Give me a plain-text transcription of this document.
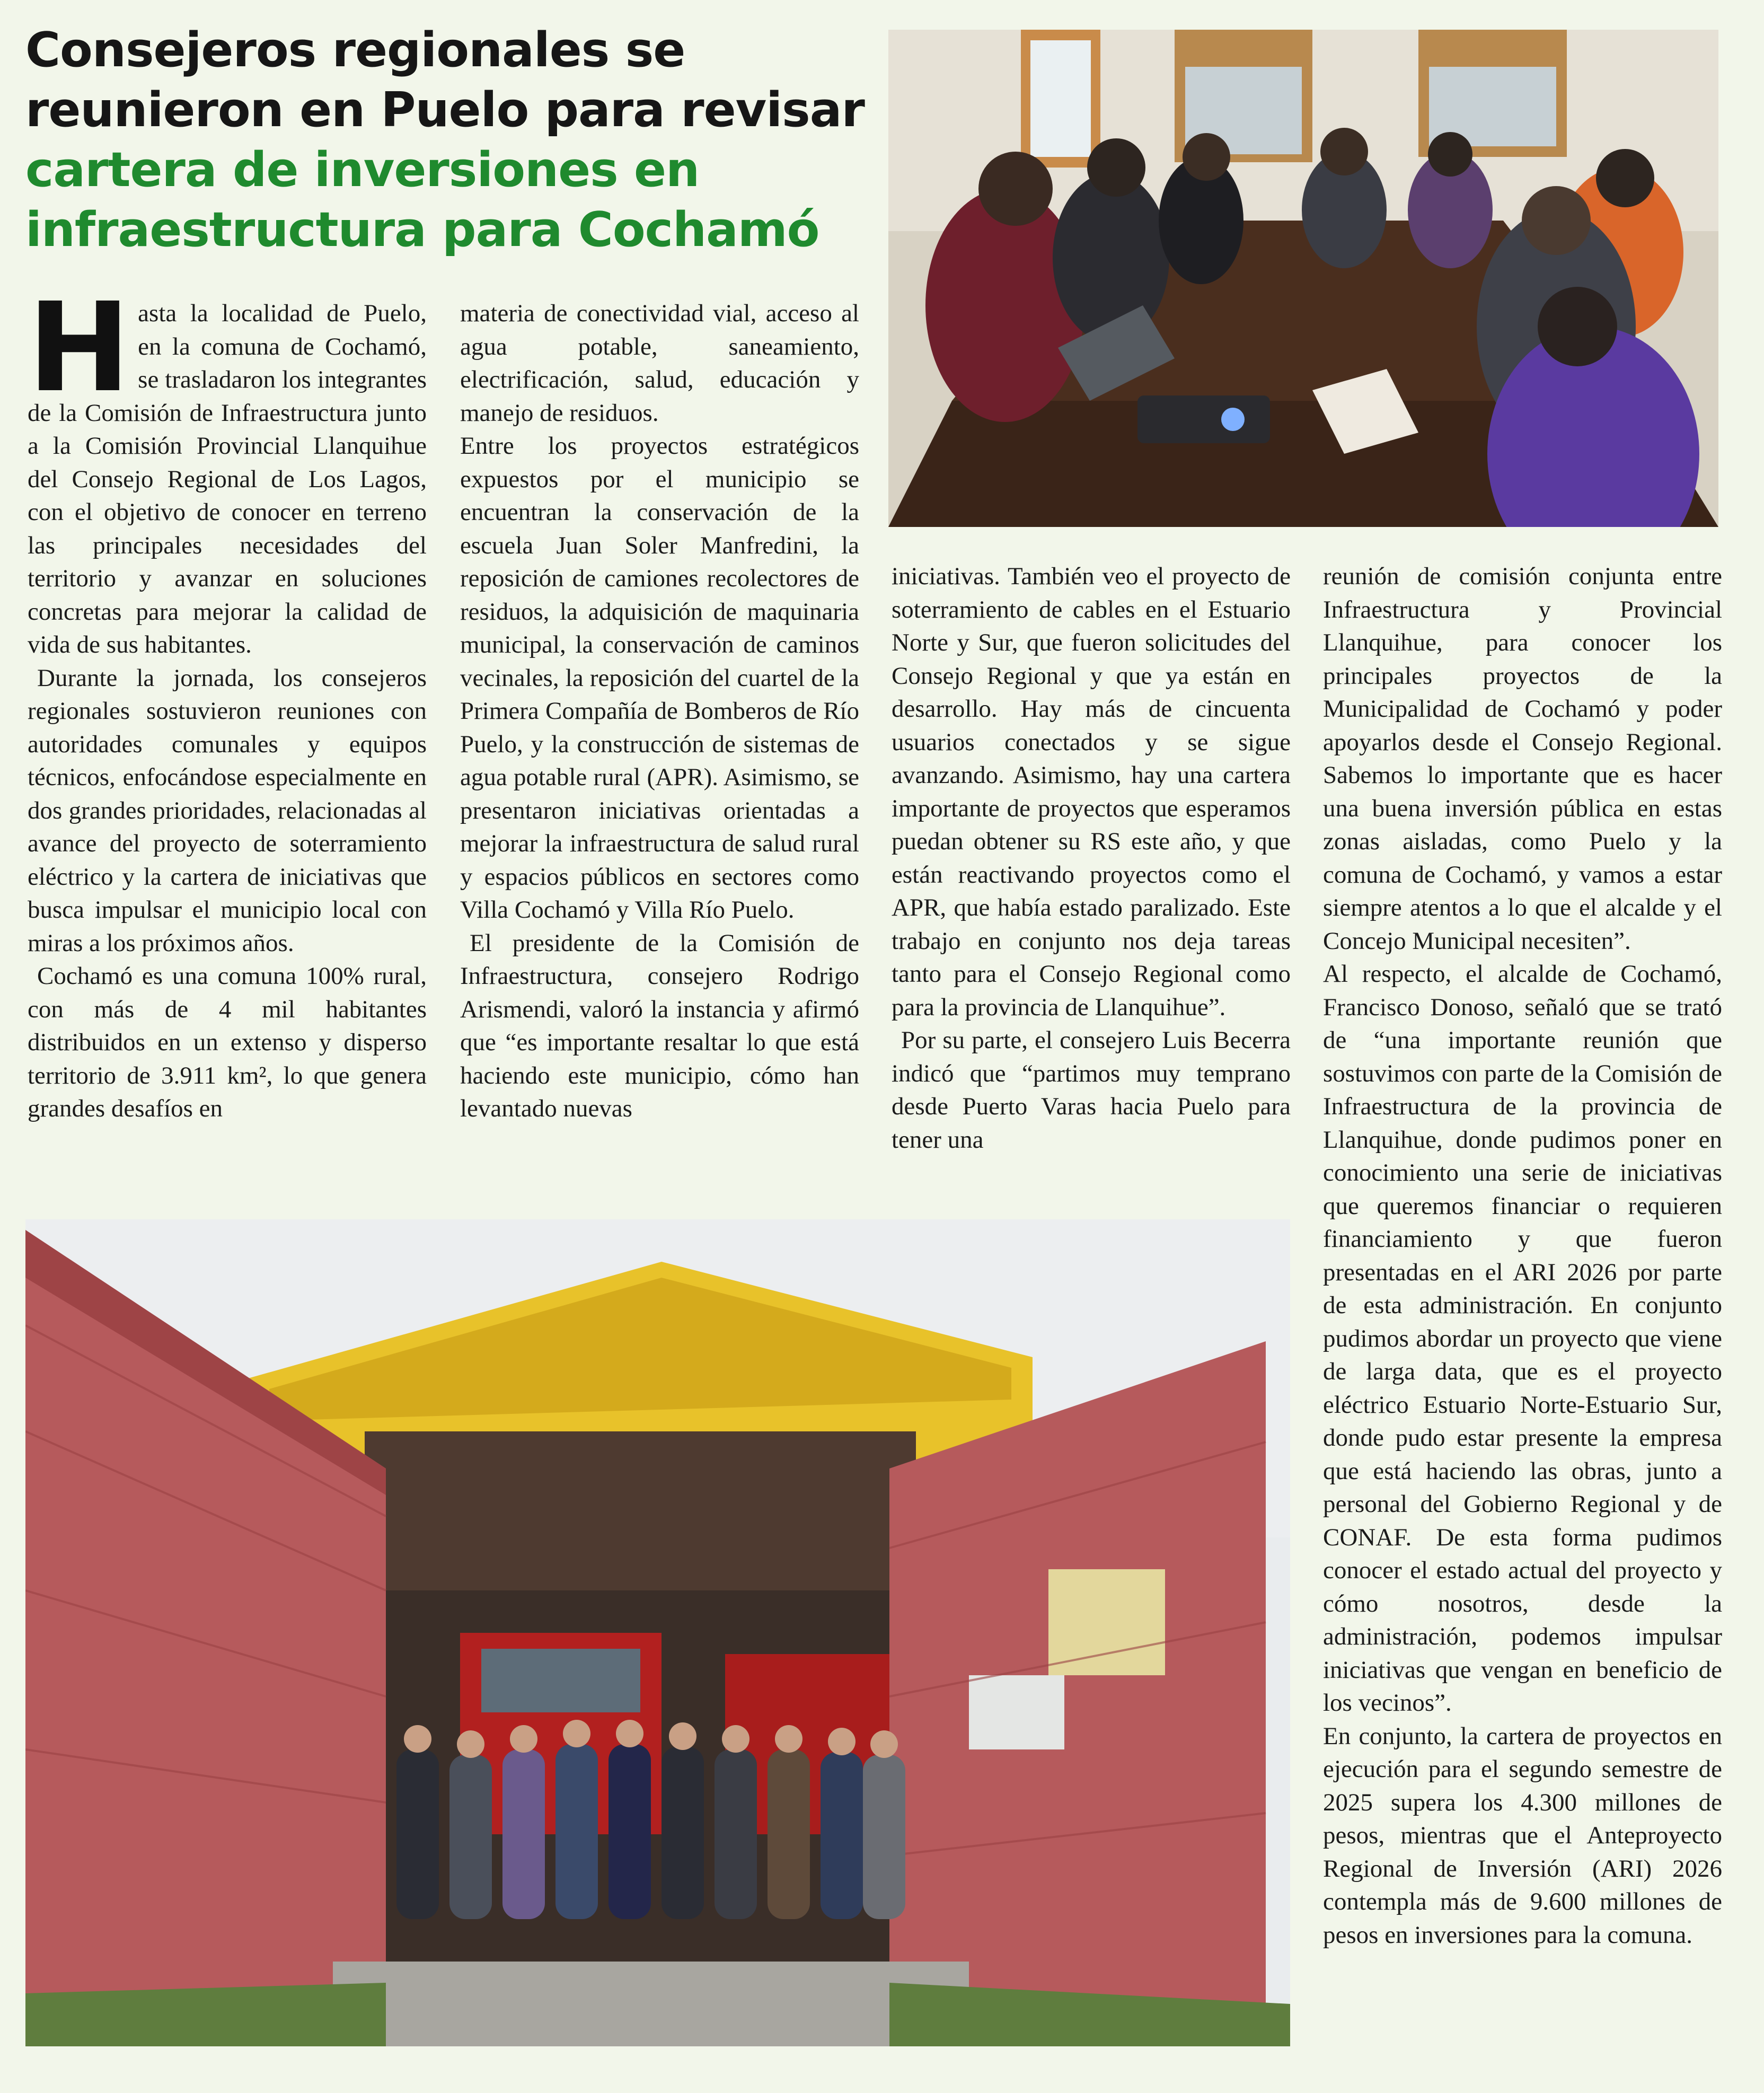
Consejeros regionales se
reunieron en Puelo para revisar
cartera de inversiones en
infraestructura para Cochamó
H asta la localidad de Puelo, en la comuna de Cochamó, se trasladaron los integrantes de la Comisión de Infraestructura junto a la Comisión Provincial Llanquihue del Consejo Regional de Los Lagos, con el objetivo de conocer en terreno las principales necesidades del territorio y avanzar en soluciones concretas para mejorar la calidad de vida de sus habitantes.

Durante la jornada, los consejeros regionales sostuvieron reuniones con autoridades comunales y equipos técnicos, enfocándose especialmente en dos grandes prioridades, relacionadas al avance del proyecto de soterramiento eléctrico y la cartera de iniciativas que busca impulsar el municipio local con miras a los próximos años.

Cochamó es una comuna 100% rural, con más de 4 mil habitantes distribuidos en un extenso y disperso territorio de 3.911 km², lo que genera grandes desafíos en

materia de conectividad vial, acceso al agua potable, saneamiento, electrificación, salud, educación y manejo de residuos.

Entre los proyectos estratégicos expuestos por el municipio se encuentran la conservación de la escuela Juan Soler Manfredini, la reposición de camiones recolectores de residuos, la adquisición de maquinaria municipal, la conservación de caminos vecinales, la reposición del cuartel de la Primera Compañía de Bomberos de Río Puelo, y la construcción de sistemas de agua potable rural (APR). Asimismo, se presentaron iniciativas orientadas a mejorar la infraestructura de salud rural y espacios públicos en sectores como Villa Cochamó y Villa Río Puelo.

El presidente de la Comisión de Infraestructura, consejero Rodrigo Arismendi, valoró la instancia y afirmó que “es importante resaltar lo que está haciendo este municipio, cómo han levantado nuevas

iniciativas. También veo el proyecto de soterramiento de cables en el Estuario Norte y Sur, que fueron solicitudes del Consejo Regional y que ya están en desarrollo. Hay más de cincuenta usuarios conectados y se sigue avanzando. Asimismo, hay una cartera importante de proyectos que esperamos puedan obtener su RS este año, y que están reactivando proyectos como el APR, que había estado paralizado. Este trabajo en conjunto nos deja tareas tanto para el Consejo Regional como para la provincia de Llanquihue”.

Por su parte, el consejero Luis Becerra indicó que “partimos muy temprano desde Puerto Varas hacia Puelo para tener una

reunión de comisión conjunta entre Infraestructura y Provincial Llanquihue, para conocer los principales proyectos de la Municipalidad de Cochamó y poder apoyarlos desde el Consejo Regional. Sabemos lo importante que es hacer una buena inversión pública en estas zonas aisladas, como Puelo y la comuna de Cochamó, y vamos a estar siempre atentos a lo que el alcalde y el Concejo Municipal necesiten”.

Al respecto, el alcalde de Cochamó, Francisco Donoso, señaló que se trató de “una importante reunión que sostuvimos con parte de la Comisión de Infraestructura de la provincia de Llanquihue, donde pudimos poner en conocimiento una serie de iniciativas que queremos financiar o requieren financiamiento y que fueron presentadas en el ARI 2026 por parte de esta administración. En conjunto pudimos abordar un proyecto que viene de larga data, que es el proyecto eléctrico Estuario Norte-Estuario Sur, donde pudo estar presente la empresa que está haciendo las obras, junto a personal del Gobierno Regional y de CONAF. De esta forma pudimos conocer el estado actual del proyecto y cómo nosotros, desde la administración, podemos impulsar iniciativas que vengan en beneficio de los vecinos”.

En conjunto, la cartera de proyectos en ejecución para el segundo semestre de 2025 supera los 4.300 millones de pesos, mientras que el Anteproyecto Regional de Inversión (ARI) 2026 contempla más de 9.600 millones de pesos en inversiones para la comuna.
